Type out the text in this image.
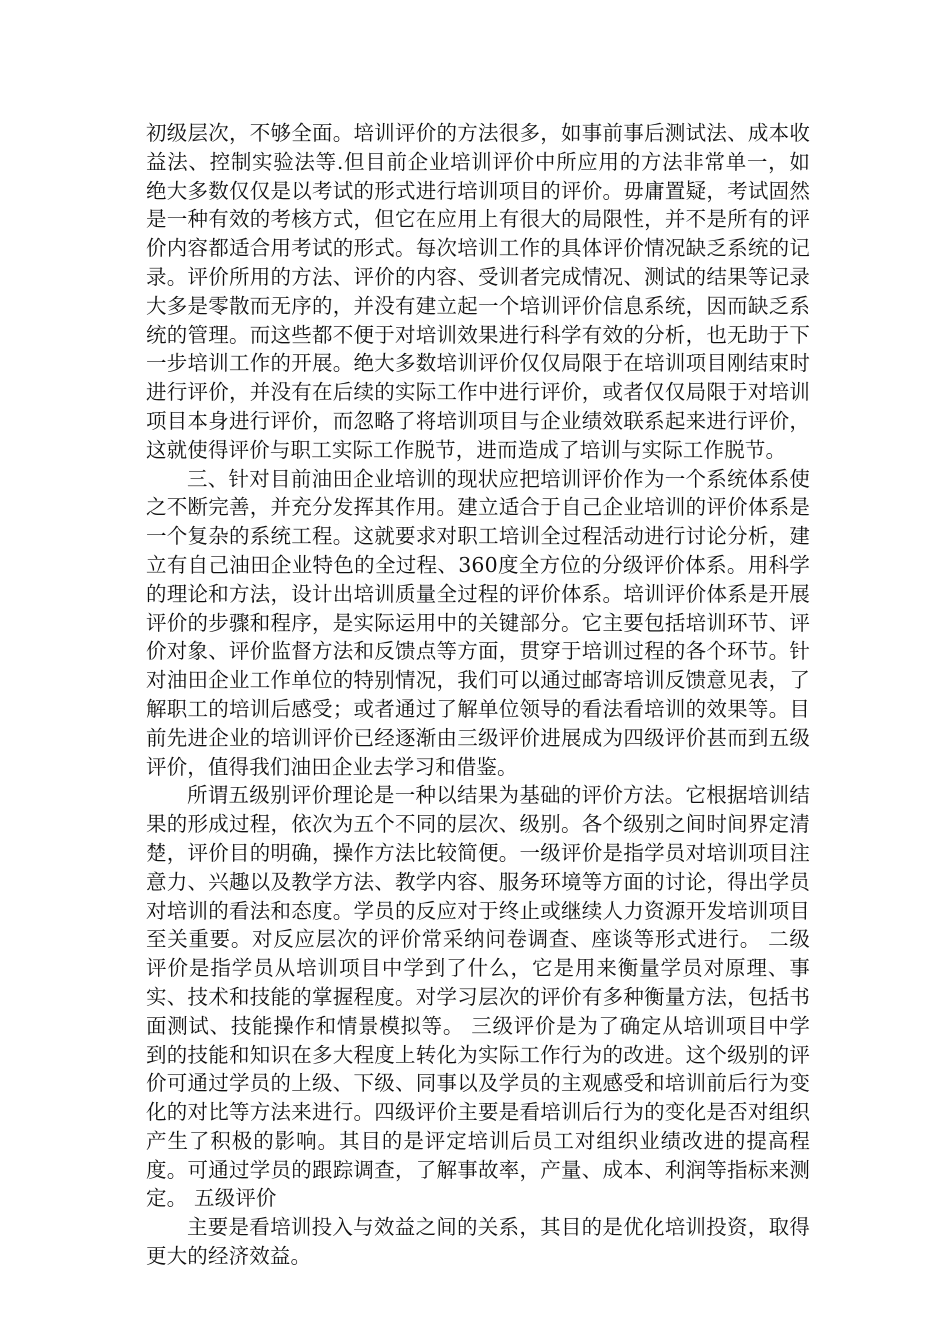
初级层次，不够全面。培训评价的方法很多，如事前事后测试法、成本收益法、控制实验法等.但目前企业培训评价中所应用的方法非常单一，如绝大多数仅仅是以考试的形式进行培训项目的评价。毋庸置疑，考试固然是一种有效的考核方式，但它在应用上有很大的局限性，并不是所有的评价内容都适合用考试的形式。每次培训工作的具体评价情况缺乏系统的记录。评价所用的方法、评价的内容、受训者完成情况、测试的结果等记录大多是零散而无序的，并没有建立起一个培训评价信息系统，因而缺乏系统的管理。而这些都不便于对培训效果进行科学有效的分析，也无助于下一步培训工作的开展。绝大多数培训评价仅仅局限于在培训项目刚结束时进行评价，并没有在后续的实际工作中进行评价，或者仅仅局限于对培训项目本身进行评价，而忽略了将培训项目与企业绩效联系起来进行评价，这就使得评价与职工实际工作脱节，进而造成了培训与实际工作脱节。

三、针对目前油田企业培训的现状应把培训评价作为一个系统体系使之不断完善，并充分发挥其作用。建立适合于自己企业培训的评价体系是一个复杂的系统工程。这就要求对职工培训全过程活动进行讨论分析，建立有自己油田企业特色的全过程、360度全方位的分级评价体系。用科学的理论和方法，设计出培训质量全过程的评价体系。培训评价体系是开展评价的步骤和程序，是实际运用中的关键部分。它主要包括培训环节、评价对象、评价监督方法和反馈点等方面，贯穿于培训过程的各个环节。针对油田企业工作单位的特别情况，我们可以通过邮寄培训反馈意见表，了解职工的培训后感受；或者通过了解单位领导的看法看培训的效果等。目前先进企业的培训评价已经逐渐由三级评价进展成为四级评价甚而到五级评价，值得我们油田企业去学习和借鉴。

所谓五级别评价理论是一种以结果为基础的评价方法。它根据培训结果的形成过程，依次为五个不同的层次、级别。各个级别之间时间界定清楚，评价目的明确，操作方法比较简便。一级评价是指学员对培训项目注意力、兴趣以及教学方法、教学内容、服务环境等方面的讨论，得出学员对培训的看法和态度。学员的反应对于终止或继续人力资源开发培训项目至关重要。对反应层次的评价常采纳问卷调查、座谈等形式进行。 二级评价是指学员从培训项目中学到了什么，它是用来衡量学员对原理、事实、技术和技能的掌握程度。对学习层次的评价有多种衡量方法，包括书面测试、技能操作和情景模拟等。 三级评价是为了确定从培训项目中学到的技能和知识在多大程度上转化为实际工作行为的改进。这个级别的评价可通过学员的上级、下级、同事以及学员的主观感受和培训前后行为变化的对比等方法来进行。四级评价主要是看培训后行为的变化是否对组织产生了积极的影响。其目的是评定培训后员工对组织业绩改进的提高程度。可通过学员的跟踪调查，了解事故率，产量、成本、利润等指标来测定。 五级评价

主要是看培训投入与效益之间的关系，其目的是优化培训投资，取得更大的经济效益。
